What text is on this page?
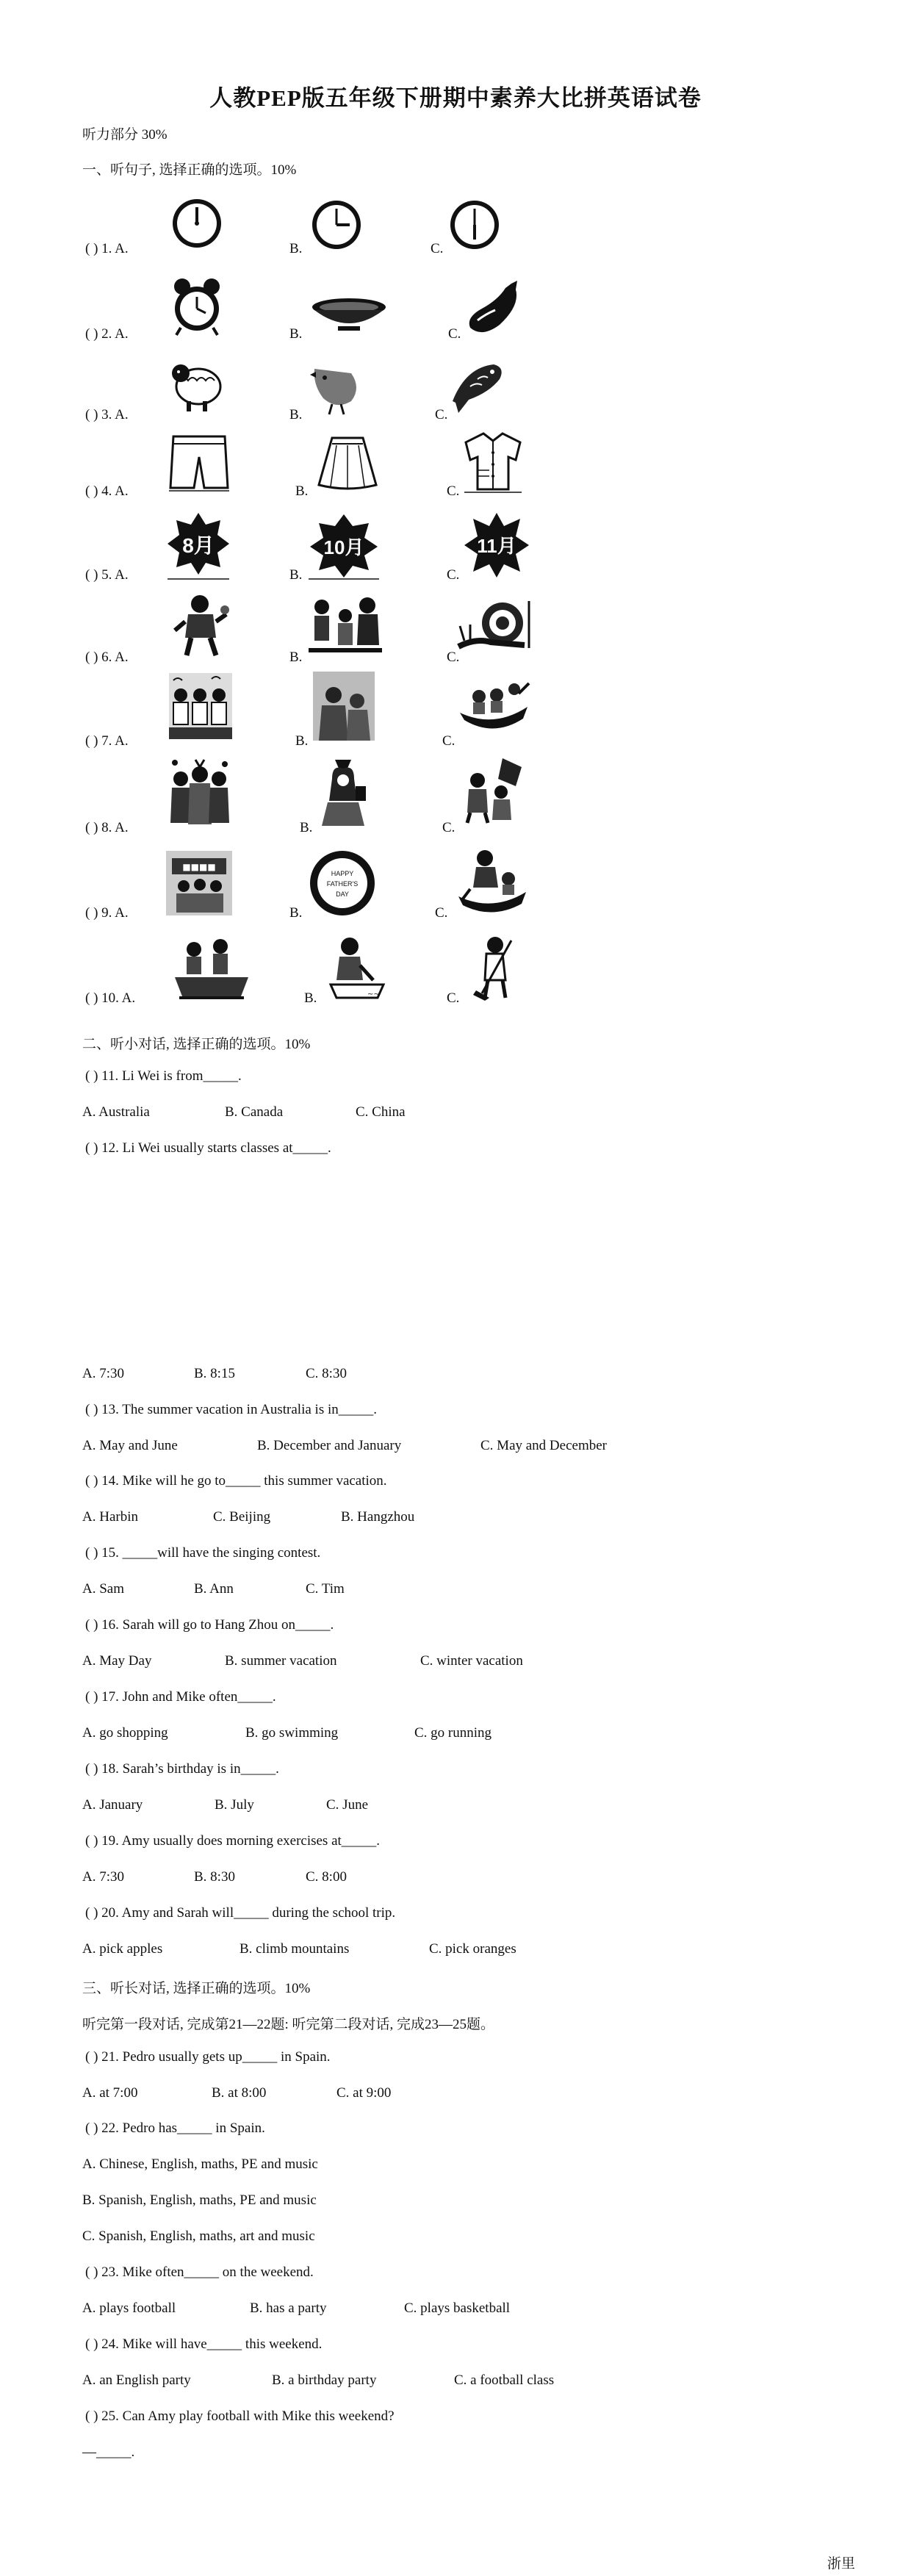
人教PEP版五年级下册期中素养大比拼英语试卷
听力部分 30%
一、听句子, 选择正确的选项。10%
( ) 1. A.	B.	C.
( ) 2. A.	B.	C.
( ) 3. A.	B.	C.
( ) 4. A.	B.	C.
( ) 5. A.	B.	C.
8月	10月	11月
( ) 6. A.	B.	C.
( ) 7. A.	B.	C.
( ) 8. A.	B.	C.
( ) 9. A.	B.	C.
■■■■
HAPPY
FATHER'S
DAY
( ) 10. A.	B.	C.
~~
二、听小对话, 选择正确的选项。10%
( ) 11. Li Wei is from_____.
A. Australia	B. Canada	C. China
( ) 12. Li Wei usually starts classes at_____.
A. 7:30	B. 8:15	C. 8:30
( ) 13. The summer vacation in Australia is in_____.
A. May and June	B. December and January	C. May and December
( ) 14. Mike will he go to_____ this summer vacation.
A. Harbin	C. Beijing	B. Hangzhou
( ) 15. _____will have the singing contest.
A. Sam	B. Ann	C. Tim
( ) 16. Sarah will go to Hang Zhou on_____.
A. May Day	B. summer vacation	C. winter vacation
( ) 17. John and Mike often_____.
A. go shopping	B. go swimming	C. go running
( ) 18. Sarah’s birthday is in_____.
A. January	B. July	C. June
( ) 19. Amy usually does morning exercises at_____.
A. 7:30	B. 8:30	C. 8:00
( ) 20. Amy and Sarah will_____ during the school trip.
A. pick apples	B. climb mountains	C. pick oranges
三、听长对话, 选择正确的选项。10%
听完第一段对话, 完成第21—22题: 听完第二段对话, 完成23—25题。
( ) 21. Pedro usually gets up_____ in Spain.
A. at 7:00	B. at 8:00	C. at 9:00
( ) 22. Pedro has_____ in Spain.
A. Chinese, English, maths, PE and music
B. Spanish, English, maths, PE and music
C. Spanish, English, maths, art and music
( ) 23. Mike often_____ on the weekend.
A. plays football	B. has a party	C. plays basketball
( ) 24. Mike will have_____ this weekend.
A. an English party	B. a birthday party	C. a football class
( ) 25. Can Amy play football with Mike this weekend?
—_____.
浙里
